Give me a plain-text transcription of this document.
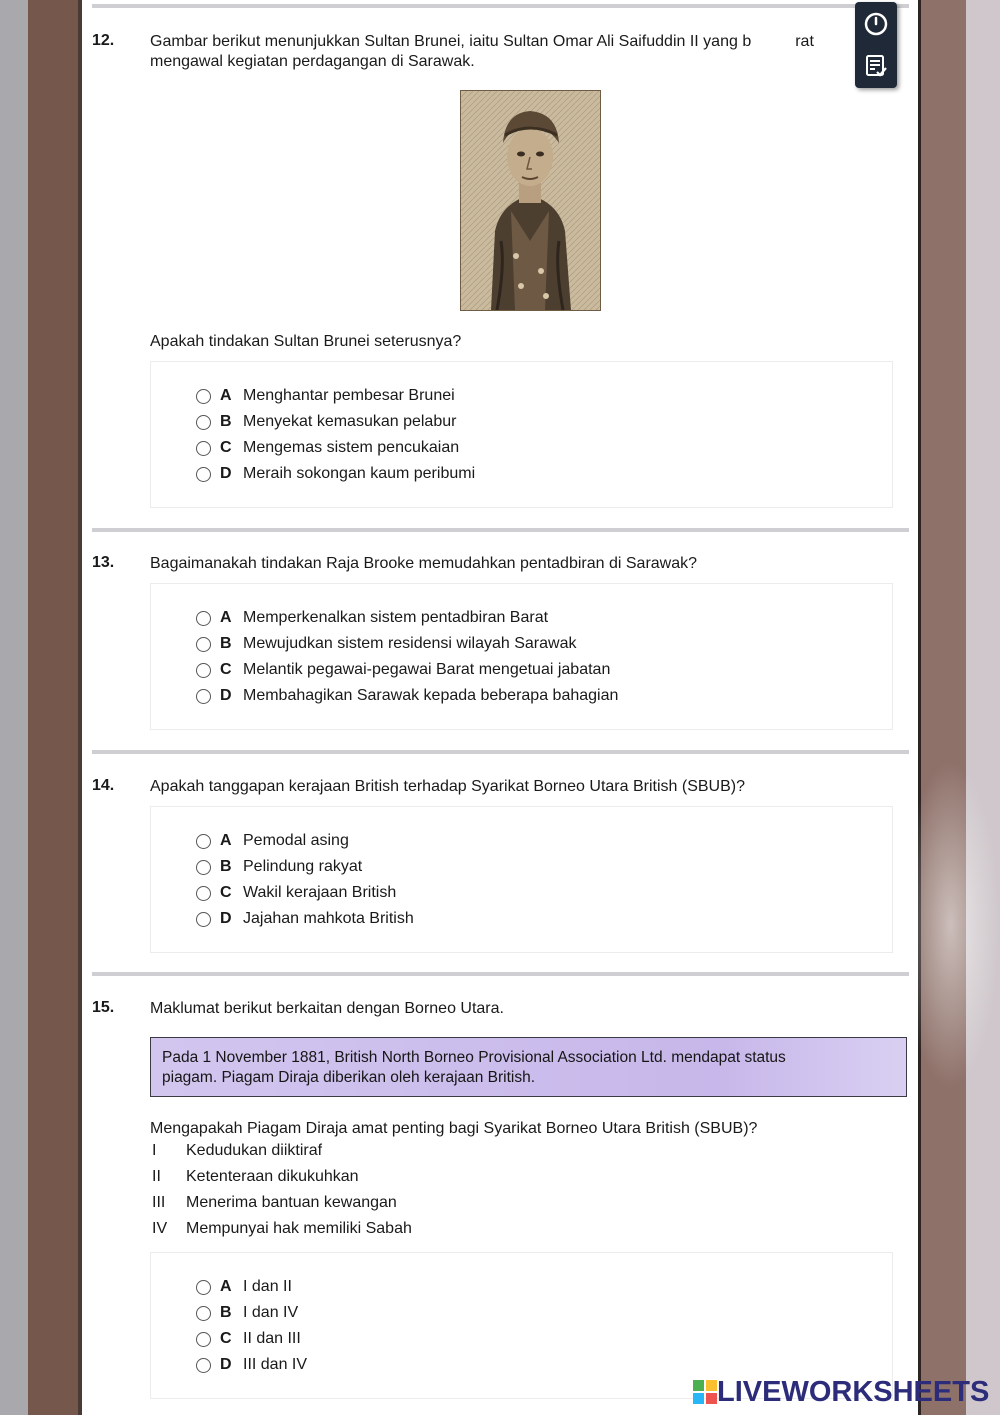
12. Gambar berikut menunjukkan Sultan Brunei, iaitu Sultan Omar Ali Saifuddin II yang b	rat
mengawal kegiatan perdagangan di Sarawak.
Apakah tindakan Sultan Brunei seterusnya?
A Menghantar pembesar Brunei
B Menyekat kemasukan pelabur
C Mengemas sistem pencukaian
D Meraih sokongan kaum peribumi
13. Bagaimanakah tindakan Raja Brooke memudahkan pentadbiran di Sarawak?
A Memperkenalkan sistem pentadbiran Barat
B Mewujudkan sistem residensi wilayah Sarawak
C Melantik pegawai-pegawai Barat mengetuai jabatan
D Membahagikan Sarawak kepada beberapa bahagian
14. Apakah tanggapan kerajaan British terhadap Syarikat Borneo Utara British (SBUB)?
A Pemodal asing
B Pelindung rakyat
C Wakil kerajaan British
D Jajahan mahkota British
15. Maklumat berikut berkaitan dengan Borneo Utara.
Pada 1 November 1881, British North Borneo Provisional Association Ltd. mendapat status
piagam. Piagam Diraja diberikan oleh kerajaan British.
Mengapakah Piagam Diraja amat penting bagi Syarikat Borneo Utara British (SBUB)?
I	Kedudukan diiktiraf
II	Ketenteraan dikukuhkan
III	Menerima bantuan kewangan
IV	Mempunyai hak memiliki Sabah
A I dan II
B I dan IV
C II dan III
D III dan IV
LIVEWORKSHEETS
